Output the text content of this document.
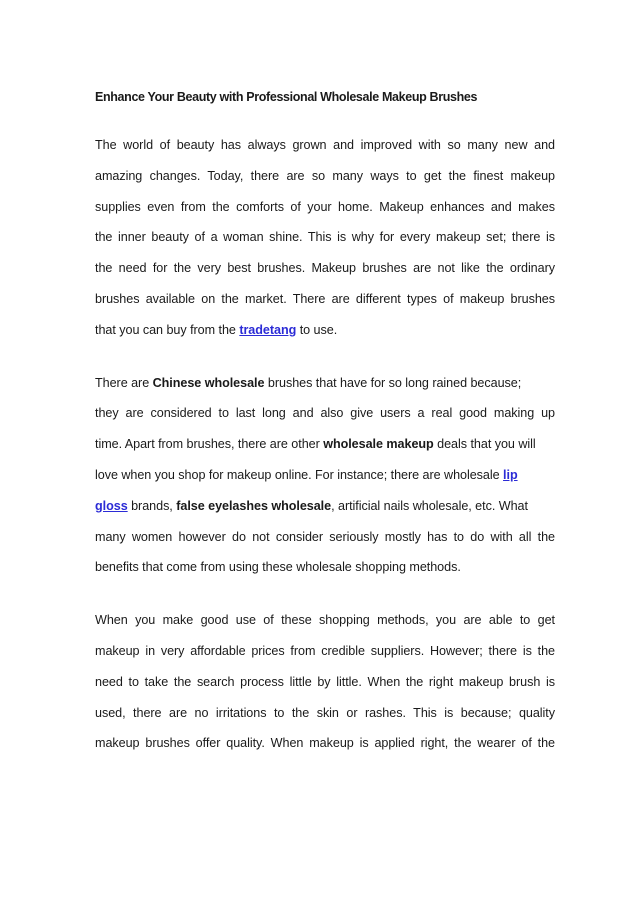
Enhance Your Beauty with Professional Wholesale Makeup Brushes

The world of beauty has always grown and improved with so many new and
amazing changes. Today, there are so many ways to get the finest makeup
supplies even from the comforts of your home. Makeup enhances and makes
the inner beauty of a woman shine. This is why for every makeup set; there is
the need for the very best brushes. Makeup brushes are not like the ordinary
brushes available on the market. There are different types of makeup brushes
that you can buy from the tradetang to use.

There are Chinese wholesale brushes that have for so long rained because;
they are considered to last long and also give users a real good making up
time. Apart from brushes, there are other wholesale makeup deals that you will
love when you shop for makeup online. For instance; there are wholesale lip
gloss brands, false eyelashes wholesale, artificial nails wholesale, etc. What
many women however do not consider seriously mostly has to do with all the
benefits that come from using these wholesale shopping methods.

When you make good use of these shopping methods, you are able to get
makeup in very affordable prices from credible suppliers. However; there is the
need to take the search process little by little. When the right makeup brush is
used, there are no irritations to the skin or rashes. This is because; quality
makeup brushes offer quality. When makeup is applied right, the wearer of the
